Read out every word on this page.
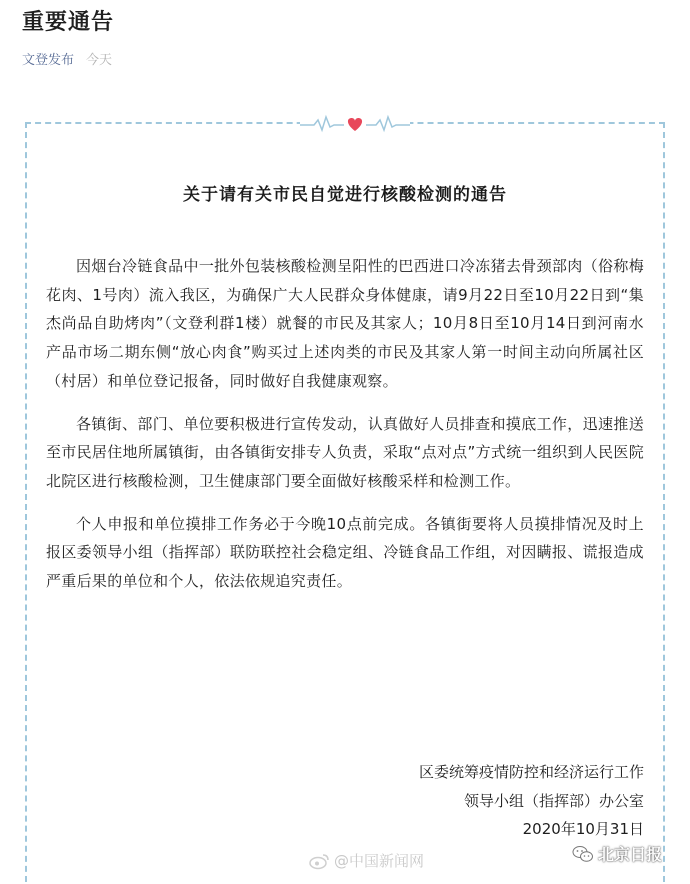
重要通告
文登发布 今天
关于请有关市民自觉进行核酸检测的通告

因烟台冷链食品中一批外包装核酸检测呈阳性的巴西进口冷冻猪去骨颈部肉（俗称梅花肉、1号肉）流入我区，为确保广大人民群众身体健康，请9月22日至10月22日到“集杰尚品自助烤肉”（文登利群1楼）就餐的市民及其家人；10月8日至10月14日到河南水产品市场二期东侧“放心肉食”购买过上述肉类的市民及其家人第一时间主动向所属社区（村居）和单位登记报备，同时做好自我健康观察。

各镇街、部门、单位要积极进行宣传发动，认真做好人员排查和摸底工作，迅速推送至市民居住地所属镇街，由各镇街安排专人负责，采取“点对点”方式统一组织到人民医院北院区进行核酸检测，卫生健康部门要全面做好核酸采样和检测工作。

个人申报和单位摸排工作务必于今晚10点前完成。各镇街要将人员摸排情况及时上报区委领导小组（指挥部）联防联控社会稳定组、冷链食品工作组，对因瞒报、谎报造成严重后果的单位和个人，依法依规追究责任。

区委统筹疫情防控和经济运行工作
领导小组（指挥部）办公室
2020年10月31日
@中国新闻网	北京日报
